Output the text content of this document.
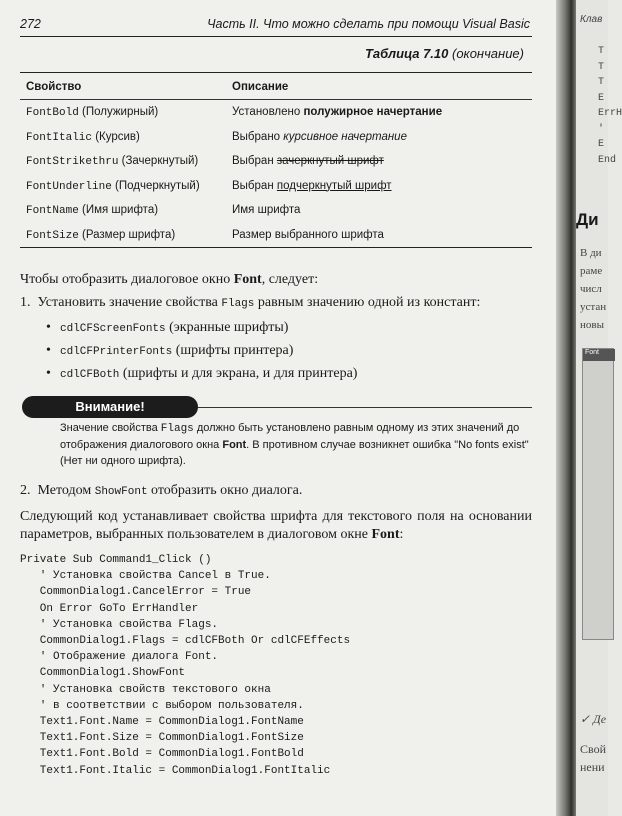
272	Часть II. Что можно сделать при помощи Visual Basic
Таблица 7.10 (окончание)
Свойство	Описание
FontBold (Полужирный)	Установлено полужирное начертание
FontItalic (Курсив)	Выбрано курсивное начертание
FontStrikethru (Зачеркнутый)	Выбран зачеркнутый шрифт
FontUnderline (Подчеркнутый)	Выбран подчеркнутый шрифт
FontName (Имя шрифта)	Имя шрифта
FontSize (Размер шрифта)	Размер выбранного шрифта
Чтобы отобразить диалоговое окно Font, следует:
1. Установить значение свойства Flags равным значению одной из констант:
• cdlCFScreenFonts (экранные шрифты)
• cdlCFPrinterFonts (шрифты принтера)
• cdlCFBoth (шрифты и для экрана, и для принтера)
Внимание!
Значение свойства Flags должно быть установлено равным одному из этих значений до отображения диалогового окна Font. В противном случае возникнет ошибка "No fonts exist" (Нет ни одного шрифта).
2. Методом ShowFont отобразить окно диалога.
Следующий код устанавливает свойства шрифта для текстового поля на основании параметров, выбранных пользователем в диалоговом окне Font:
Private Sub Command1_Click ()
' Установка свойства Cancel в True.
CommonDialog1.CancelError = True
On Error GoTo ErrHandler
' Установка свойства Flags.
CommonDialog1.Flags = cdlCFBoth Or cdlCFEffects
' Отображение диалога Font.
CommonDialog1.ShowFont
' Установка свойств текстового окна
' в соответствии с выбором пользователя.
Text1.Font.Name = CommonDialog1.FontName
Text1.Font.Size = CommonDialog1.FontSize
Text1.Font.Bold = CommonDialog1.FontBold
Text1.Font.Italic = CommonDialog1.FontItalic
Клав
T
T
T
E
ErrH
'
E
End
Ди
В ди
раме
числ
устан
новы
Font
✓ Де
Свой
нени
